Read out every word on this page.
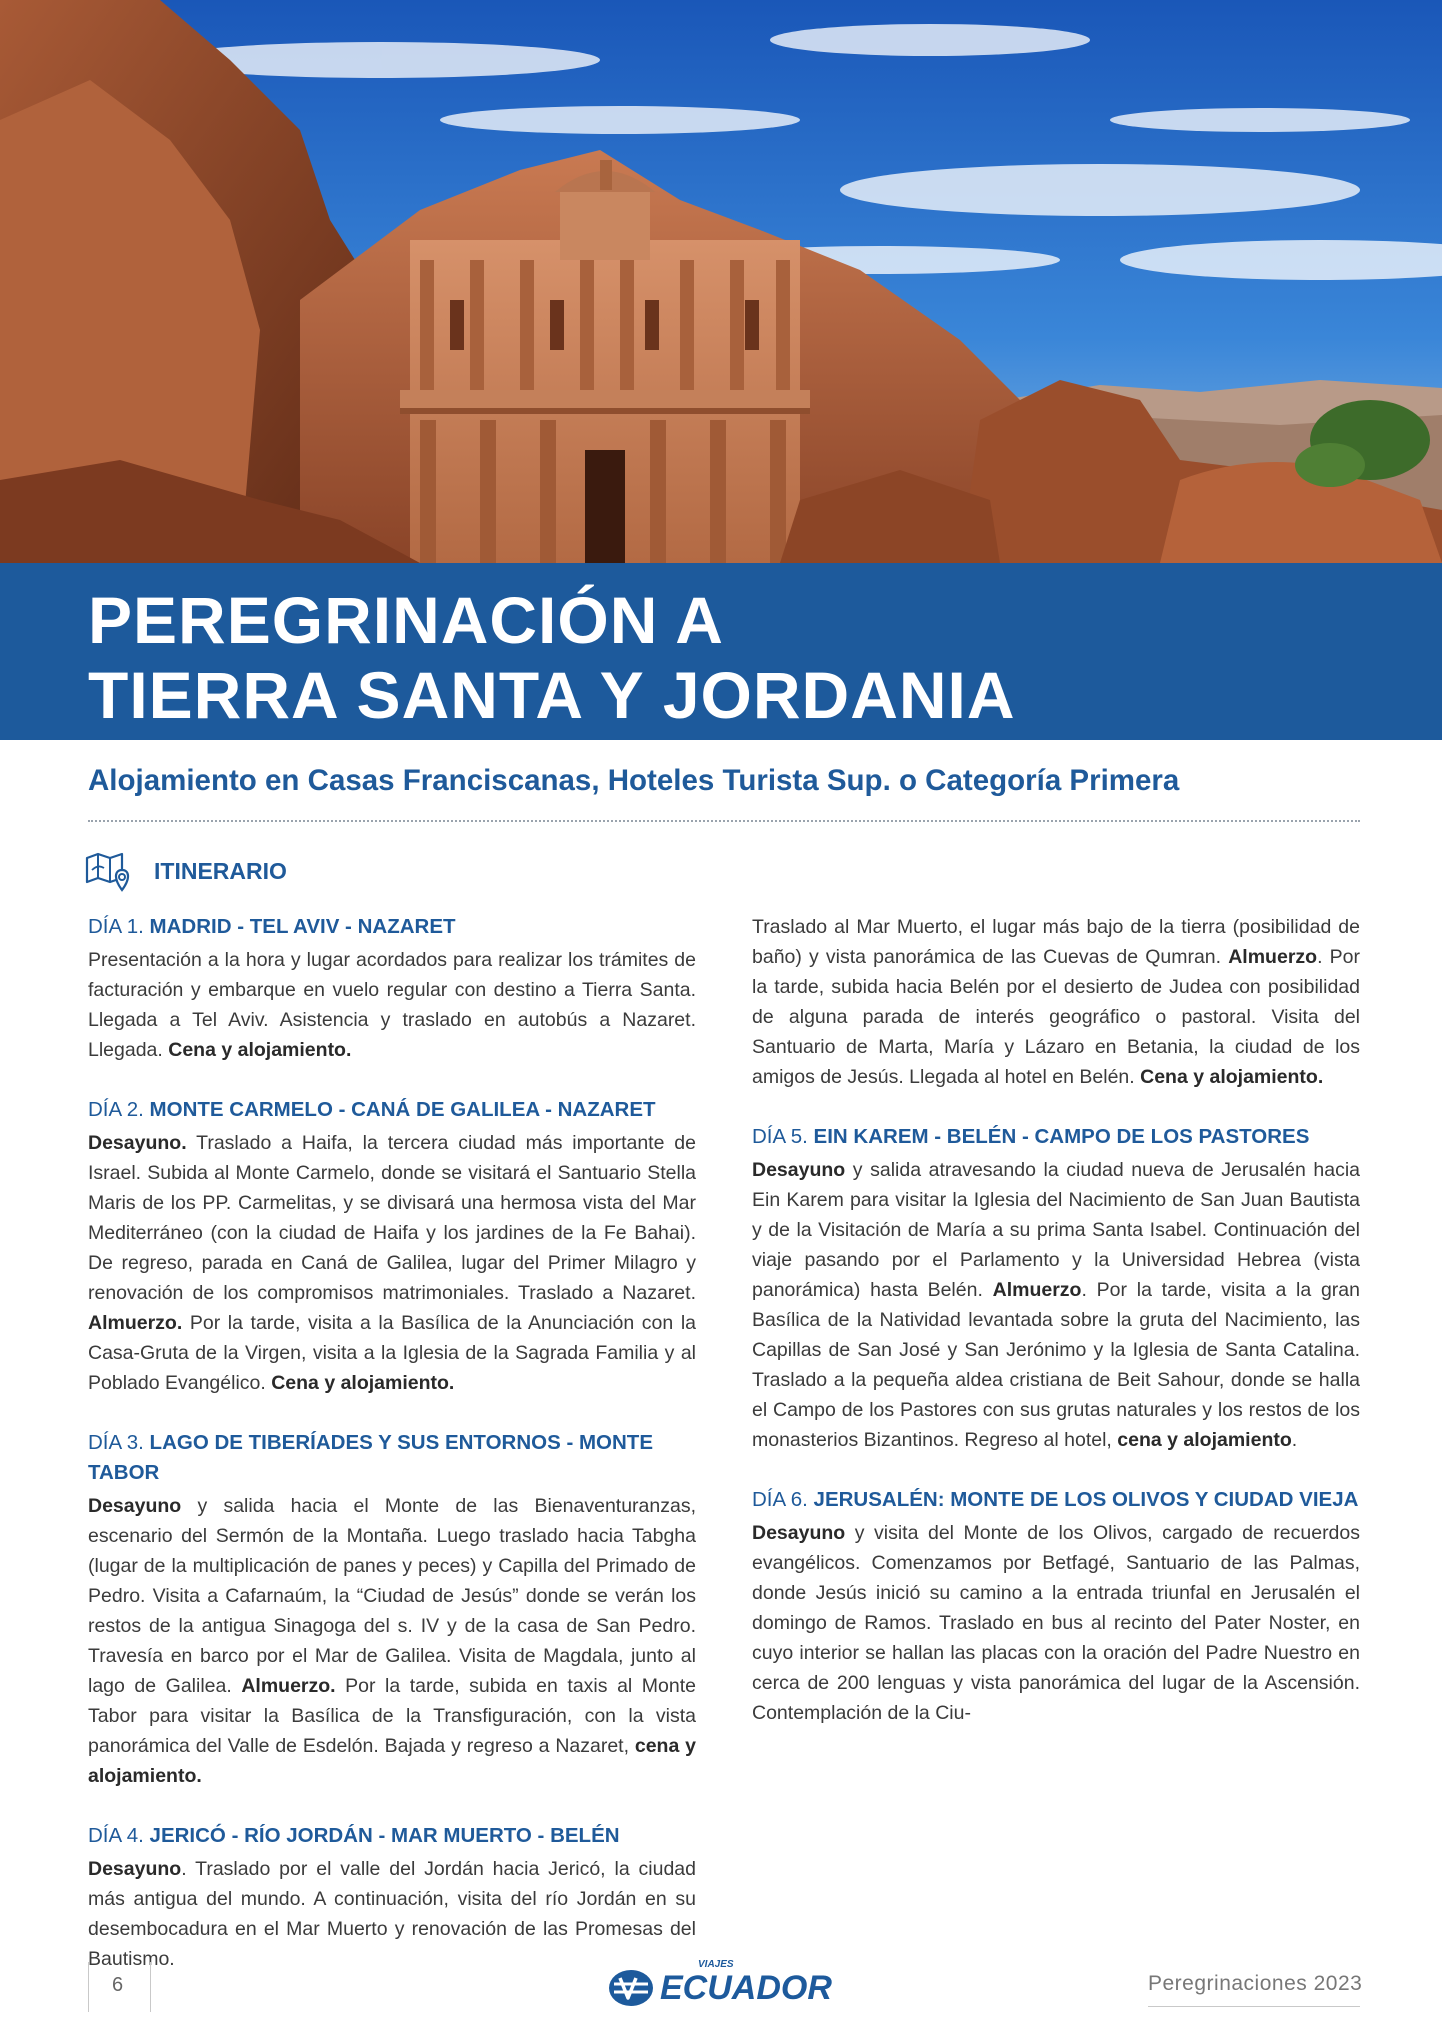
PEREGRINACIÓN A
TIERRA SANTA Y JORDANIA
Alojamiento en Casas Franciscanas, Hoteles Turista Sup. o Categoría Primera
ITINERARIO
DÍA 1. MADRID - TEL AVIV - NAZARET

Presentación a la hora y lugar acordados para realizar los trámites de facturación y embarque en vuelo regular con destino a Tierra Santa. Llegada a Tel Aviv. Asistencia y traslado en autobús a Nazaret. Llegada. Cena y alojamiento.

DÍA 2. MONTE CARMELO - CANÁ DE GALILEA - NAZARET

Desayuno. Traslado a Haifa, la tercera ciudad más importante de Israel. Subida al Monte Carmelo, donde se visitará el Santuario Stella Maris de los PP. Carmelitas, y se divisará una hermosa vista del Mar Mediterráneo (con la ciudad de Haifa y los jardines de la Fe Bahai). De regreso, parada en Caná de Galilea, lugar del Primer Milagro y renovación de los compromisos matrimoniales. Traslado a Nazaret. Almuerzo. Por la tarde, visita a la Basílica de la Anunciación con la Casa-Gruta de la Virgen, visita a la Iglesia de la Sagrada Familia y al Poblado Evangélico. Cena y alojamiento.

DÍA 3. LAGO DE TIBERÍADES Y SUS ENTORNOS - MONTE TABOR

Desayuno y salida hacia el Monte de las Bienaventuranzas, escenario del Sermón de la Montaña. Luego traslado hacia Tabgha (lugar de la multiplicación de panes y peces) y Capilla del Primado de Pedro. Visita a Cafarnaúm, la “Ciudad de Jesús” donde se verán los restos de la antigua Sinagoga del s. IV y de la casa de San Pedro. Travesía en barco por el Mar de Galilea. Visita de Magdala, junto al lago de Galilea. Almuerzo. Por la tarde, subida en taxis al Monte Tabor para visitar la Basílica de la Transfiguración, con la vista panorámica del Valle de Esdelón. Bajada y regreso a Nazaret, cena y alojamiento.

DÍA 4. JERICÓ - RÍO JORDÁN - MAR MUERTO - BELÉN

Desayuno. Traslado por el valle del Jordán hacia Jericó, la ciudad más antigua del mundo. A continuación, visita del río Jordán en su desembocadura en el Mar Muerto y renovación de las Promesas del Bautismo.

Traslado al Mar Muerto, el lugar más bajo de la tierra (posibilidad de baño) y vista panorámica de las Cuevas de Qumran. Almuerzo. Por la tarde, subida hacia Belén por el desierto de Judea con posibilidad de alguna parada de interés geográfico o pastoral. Visita del Santuario de Marta, María y Lázaro en Betania, la ciudad de los amigos de Jesús. Llegada al hotel en Belén. Cena y alojamiento.

DÍA 5. EIN KAREM - BELÉN - CAMPO DE LOS PASTORES

Desayuno y salida atravesando la ciudad nueva de Jerusalén hacia Ein Karem para visitar la Iglesia del Nacimiento de San Juan Bautista y de la Visitación de María a su prima Santa Isabel. Continuación del viaje pasando por el Parlamento y la Universidad Hebrea (vista panorámica) hasta Belén. Almuerzo. Por la tarde, visita a la gran Basílica de la Natividad levantada sobre la gruta del Nacimiento, las Capillas de San José y San Jerónimo y la Iglesia de Santa Catalina. Traslado a la pequeña aldea cristiana de Beit Sahour, donde se halla el Campo de los Pastores con sus grutas naturales y los restos de los monasterios Bizantinos. Regreso al hotel, cena y alojamiento.

DÍA 6. JERUSALÉN: MONTE DE LOS OLIVOS Y CIUDAD VIEJA

Desayuno y visita del Monte de los Olivos, cargado de recuerdos evangélicos. Comenzamos por Betfagé, Santuario de las Palmas, donde Jesús inició su camino a la entrada triunfal en Jerusalén el domingo de Ramos. Traslado en bus al recinto del Pater Noster, en cuyo interior se hallan las placas con la oración del Padre Nuestro en cerca de 200 lenguas y vista panorámica del lugar de la Ascensión. Contemplación de la Ciu-

6
VIAJES
ECUADOR	Peregrinaciones 2023
